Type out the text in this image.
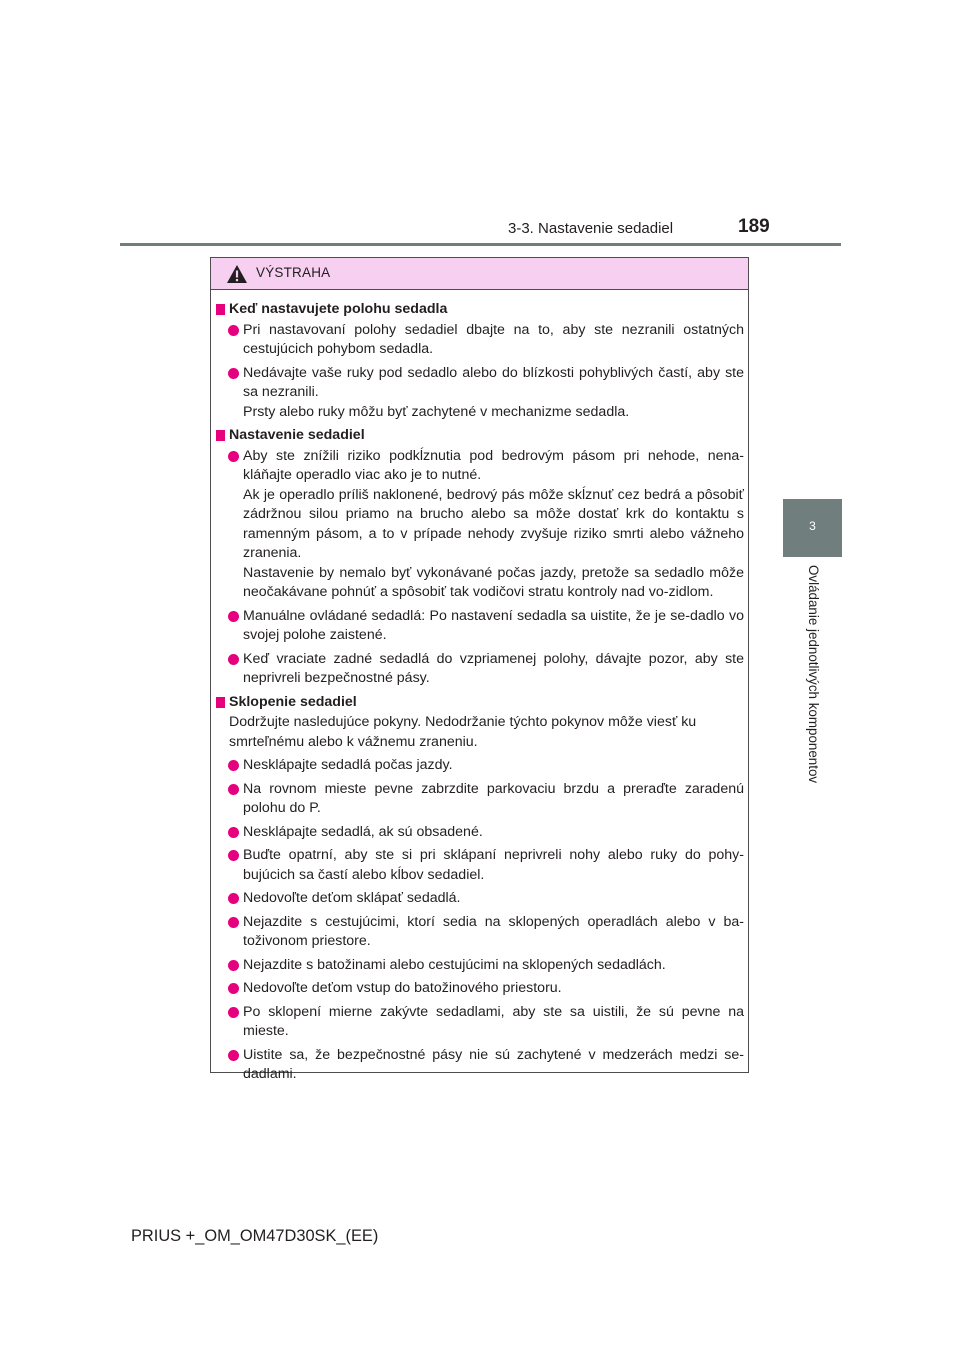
3-3. Nastavenie sedadiel	189
3
Ovládanie jednotlivých komponentov
VÝSTRAHA
Keď nastavujete polohu sedadla
Pri nastavovaní polohy sedadiel dbajte na to, aby ste nezranili ostatných cestujúcich pohybom sedadla.
Nedávajte vaše ruky pod sedadlo alebo do blízkosti pohyblivých častí, aby ste sa nezranili.
Prsty alebo ruky môžu byť zachytené v mechanizme sedadla.
Nastavenie sedadiel
Aby ste znížili riziko podkĺznutia pod bedrovým pásom pri nehode, nena-kláňajte operadlo viac ako je to nutné.
Ak je operadlo príliš naklonené, bedrový pás môže skĺznuť cez bedrá a pôsobiť zádržnou silou priamo na brucho alebo sa môže dostať krk do kontaktu s ramenným pásom, a to v prípade nehody zvyšuje riziko smrti alebo vážneho zranenia.
Nastavenie by nemalo byť vykonávané počas jazdy, pretože sa sedadlo môže neočakávane pohnúť a spôsobiť tak vodičovi stratu kontroly nad vo-zidlom.
Manuálne ovládané sedadlá: Po nastavení sedadla sa uistite, že je se-dadlo vo svojej polohe zaistené.
Keď vraciate zadné sedadlá do vzpriamenej polohy, dávajte pozor, aby ste neprivreli bezpečnostné pásy.
Sklopenie sedadiel
Dodržujte nasledujúce pokyny. Nedodržanie týchto pokynov môže viesť ku
smrteľnému alebo k vážnemu zraneniu.
Nesklápajte sedadlá počas jazdy.
Na rovnom mieste pevne zabrzdite parkovaciu brzdu a preraďte zaradenú polohu do P.
Nesklápajte sedadlá, ak sú obsadené.
Buďte opatrní, aby ste si pri sklápaní neprivreli nohy alebo ruky do pohy-bujúcich sa častí alebo kĺbov sedadiel.
Nedovoľte deťom sklápať sedadlá.
Nejazdite s cestujúcimi, ktorí sedia na sklopených operadlách alebo v ba-toživonom priestore.
Nejazdite s batožinami alebo cestujúcimi na sklopených sedadlách.
Nedovoľte deťom vstup do batožinového priestoru.
Po sklopení mierne zakývte sedadlami, aby ste sa uistili, že sú pevne na mieste.
Uistite sa, že bezpečnostné pásy nie sú zachytené v medzerách medzi se-dadlami.
PRIUS +_OM_OM47D30SK_(EE)
